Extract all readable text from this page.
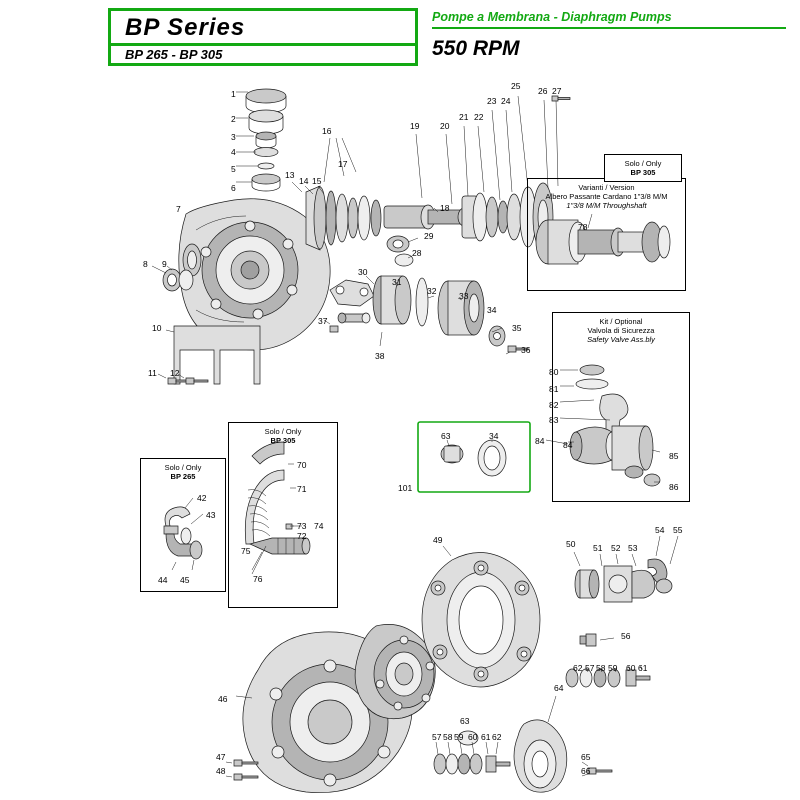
BP Series
BP 265 - BP 305
Pompe a Membrana - Diaphragm Pumps
550 RPM
Varianti / Version
Albero Passante Cardano 1"3/8 M/M
1"3/8 M/M Throughshaft
Solo / Only
BP 305
Kit / Optional
Valvola di Sicurezza
Safety Valve Ass.bly
Solo / Only
BP 305
Solo / Only
BP 265
1
2
3
4
5
6
7
8 9
10
11 12
13
14 15
16
17
18
19 20
21 22
23 24
25 26 27
28
29
30
31
32	33
34
35
36
37
38
42
43
44 45
46
47
48
49	50 51 52 53
54 55
56
57 58 59 60 61 62
63
64
65
66
62 57 58 59 60 61
63	34
101
70
71
72
73 74
75
76
78
80
81
82
83
84
85
86
84
